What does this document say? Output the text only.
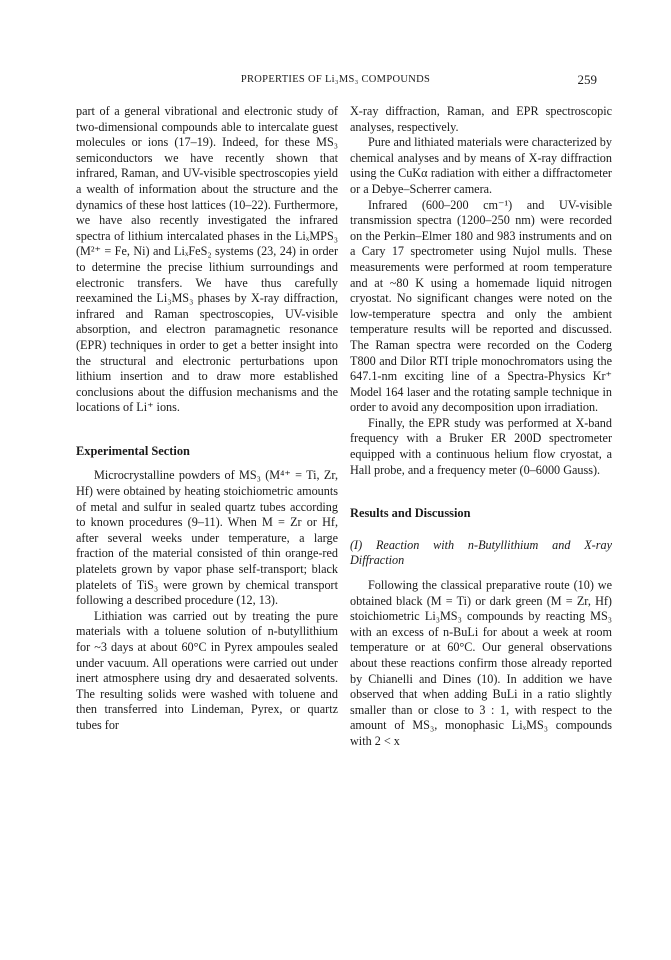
PROPERTIES OF Li₃MS₃ COMPOUNDS	259

part of a general vibrational and electronic study of two-dimensional compounds able to intercalate guest molecules or ions (17–19). Indeed, for these MS₃ semiconductors we have recently shown that infrared, Raman, and UV-visible spectroscopies yield a wealth of information about the structure and the dynamics of these host lattices (10–22). Furthermore, we have also recently investigated the infrared spectra of lithium intercalated phases in the LiₓMPS₃ (M²⁺ = Fe, Ni) and LiₓFeS₂ systems (23, 24) in order to determine the precise lithium surroundings and electronic transfers. We have thus carefully reexamined the Li₃MS₃ phases by X-ray diffraction, infrared and Raman spectroscopies, UV-visible absorption, and electron paramagnetic resonance (EPR) techniques in order to get a better insight into the structural and electronic perturbations upon lithium insertion and to draw more established conclusions about the diffusion mechanisms and the locations of Li⁺ ions.

Experimental Section

Microcrystalline powders of MS₃ (M⁴⁺ = Ti, Zr, Hf) were obtained by heating stoichiometric amounts of metal and sulfur in sealed quartz tubes according to known procedures (9–11). When M = Zr or Hf, after several weeks under temperature, a large fraction of the material consisted of thin orange-red platelets grown by vapor phase self-transport; black platelets of TiS₃ were grown by chemical transport following a described procedure (12, 13).

Lithiation was carried out by treating the pure materials with a toluene solution of n-butyllithium for ~3 days at about 60°C in Pyrex ampoules sealed under vacuum. All operations were carried out under inert atmosphere using dry and desaerated solvents. The resulting solids were washed with toluene and then transferred into Lindeman, Pyrex, or quartz tubes for

X-ray diffraction, Raman, and EPR spectroscopic analyses, respectively.

Pure and lithiated materials were characterized by chemical analyses and by means of X-ray diffraction using the CuKα radiation with either a diffractometer or a Debye–Scherrer camera.

Infrared (600–200 cm⁻¹) and UV-visible transmission spectra (1200–250 nm) were recorded on the Perkin–Elmer 180 and 983 instruments and on a Cary 17 spectrometer using Nujol mulls. These measurements were performed at room temperature and at ~80 K using a homemade liquid nitrogen cryostat. No significant changes were noted on the low-temperature spectra and only the ambient temperature results will be reported and discussed. The Raman spectra were recorded on the Coderg T800 and Dilor RTI triple monochromators using the 647.1-nm exciting line of a Spectra-Physics Kr⁺ Model 164 laser and the rotating sample technique in order to avoid any decomposition upon irradiation.

Finally, the EPR study was performed at X-band frequency with a Bruker ER 200D spectrometer equipped with a continuous helium flow cryostat, a Hall probe, and a frequency meter (0–6000 Gauss).

Results and Discussion

(I) Reaction with n-Butyllithium and X-ray Diffraction

Following the classical preparative route (10) we obtained black (M = Ti) or dark green (M = Zr, Hf) stoichiometric Li₃MS₃ compounds by reacting MS₃ with an excess of n-BuLi for about a week at room temperature or at 60°C. Our general observations about these reactions confirm those already reported by Chianelli and Dines (10). In addition we have observed that when adding BuLi in a ratio slightly smaller than or close to 3 : 1, with respect to the amount of MS₃, monophasic LiₓMS₃ compounds with 2 < x
